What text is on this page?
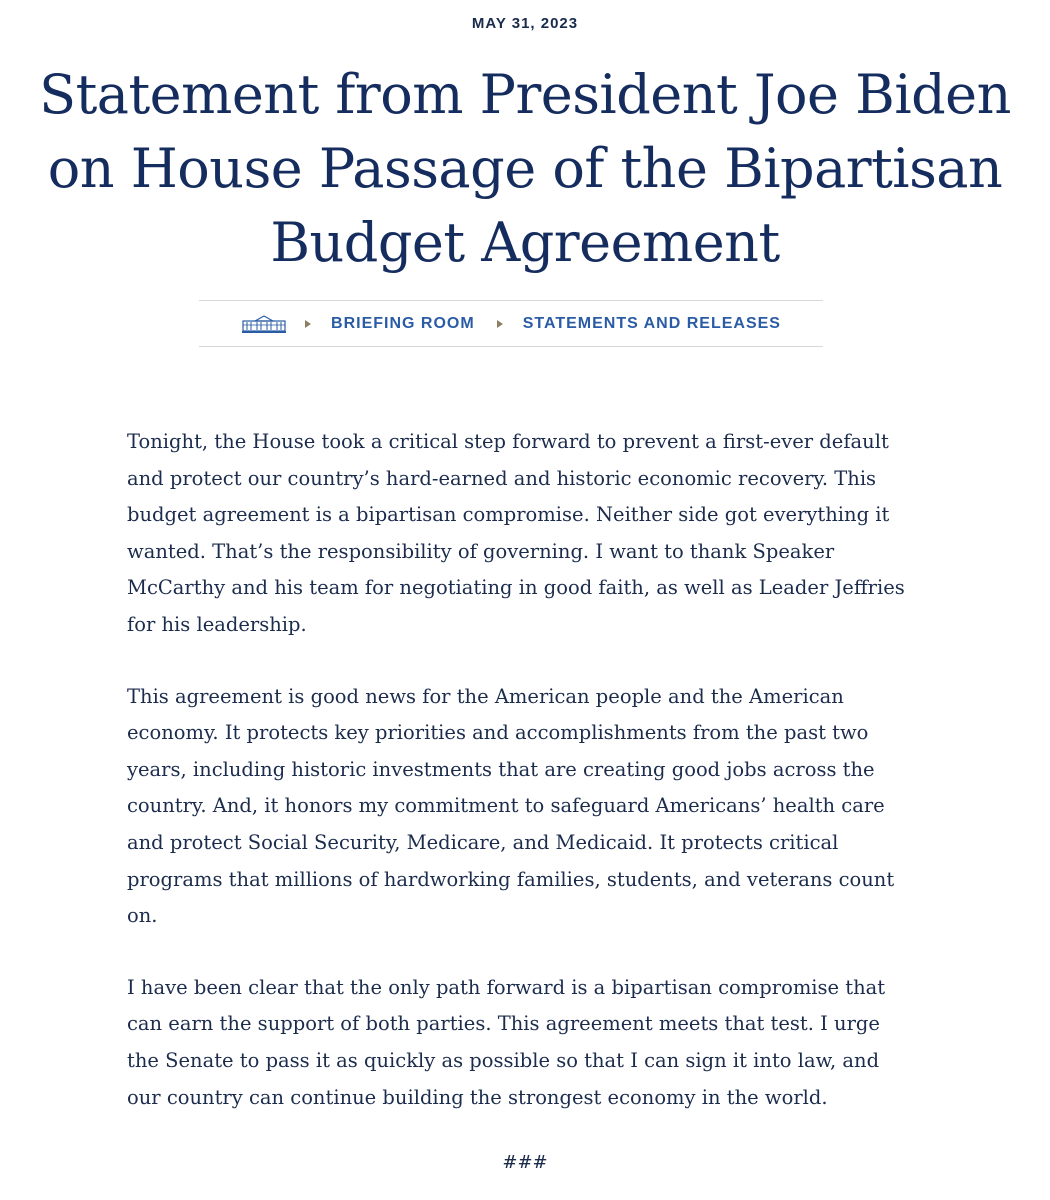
MAY 31, 2023
Statement from President Joe Biden on House Passage of the Bipartisan Budget Agreement
BRIEFING ROOM	STATEMENTS AND RELEASES

Tonight, the House took a critical step forward to prevent a first-ever default and protect our country’s hard-earned and historic economic recovery. This budget agreement is a bipartisan compromise. Neither side got everything it wanted. That’s the responsibility of governing. I want to thank Speaker McCarthy and his team for negotiating in good faith, as well as Leader Jeffries for his leadership.

This agreement is good news for the American people and the American economy. It protects key priorities and accomplishments from the past two years, including historic investments that are creating good jobs across the country. And, it honors my commitment to safeguard Americans’ health care and protect Social Security, Medicare, and Medicaid. It protects critical programs that millions of hardworking families, students, and veterans count on.

I have been clear that the only path forward is a bipartisan compromise that can earn the support of both parties. This agreement meets that test. I urge the Senate to pass it as quickly as possible so that I can sign it into law, and our country can continue building the strongest economy in the world.

###
